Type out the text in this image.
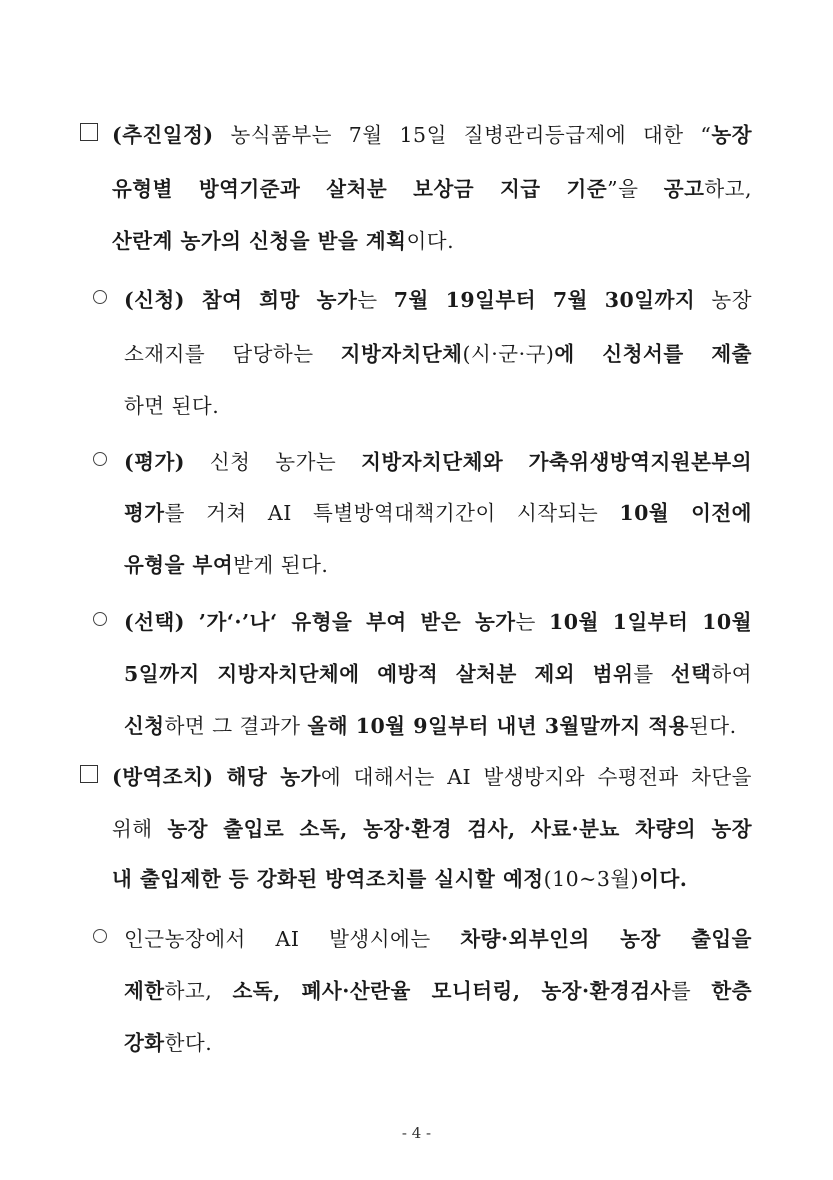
(추진일정) 농식품부는 7월 15일 질병관리등급제에 대한 “농장
유형별 방역기준과 살처분 보상금 지급 기준”을 공고하고,
산란계 농가의 신청을 받을 계획이다.
(신청) 참여 희망 농가는 7월 19일부터 7월 30일까지 농장
소재지를 담당하는 지방자치단체(시·군·구)에 신청서를 제출
하면 된다.
(평가) 신청 농가는 지방자치단체와 가축위생방역지원본부의
평가를 거쳐 AI 특별방역대책기간이 시작되는 10월 이전에
유형을 부여받게 된다.
(선택) ’가‘·’나‘ 유형을 부여 받은 농가는 10월 1일부터 10월
5일까지 지방자치단체에 예방적 살처분 제외 범위를 선택하여
신청하면 그 결과가 올해 10월 9일부터 내년 3월말까지 적용된다.
(방역조치) 해당 농가에 대해서는 AI 발생방지와 수평전파 차단을
위해 농장 출입로 소독, 농장·환경 검사, 사료·분뇨 차량의 농장
내 출입제한 등 강화된 방역조치를 실시할 예정(10~3월)이다.
인근농장에서 AI 발생시에는 차량·외부인의 농장 출입을
제한하고, 소독, 폐사·산란율 모니터링, 농장·환경검사를 한층
강화한다.
- 4 -
